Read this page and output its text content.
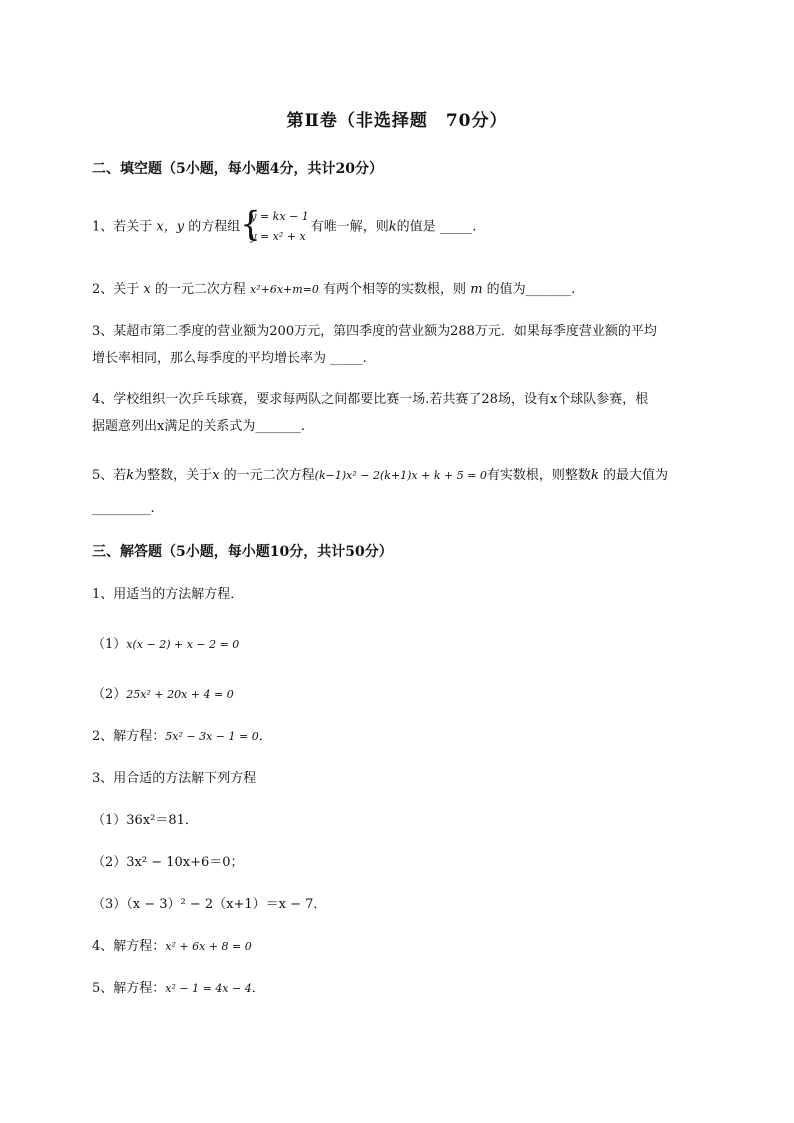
第Ⅱ卷（非选择题　70分）
二、填空题（5小题，每小题4分，共计20分）
1、若关于 x，y 的方程组 {
y = kx − 1
y = x² + x
有唯一解，则k的值是 _____.
2、关于 x 的一元二次方程 x²+6x+m=0 有两个相等的实数根，则 m 的值为_______.
3、某超市第二季度的营业额为200万元，第四季度的营业额为288万元．如果每季度营业额的平均
增长率相同，那么每季度的平均增长率为 _____.
4、学校组织一次乒乓球赛，要求每两队之间都要比赛一场.若共赛了28场，设有x个球队参赛，根
据题意列出x满足的关系式为_______.
5、若k为整数，关于x 的一元二次方程(k−1)x² − 2(k+1)x + k + 5 = 0有实数根，则整数k 的最大值为
_________.
三、解答题（5小题，每小题10分，共计50分）
1、用适当的方法解方程．
（1）x(x − 2) + x − 2 = 0
（2）25x² + 20x + 4 = 0
2、解方程：5x² − 3x − 1 = 0．
3、用合适的方法解下列方程
（1）36x²＝81．
（2）3x² − 10x+6＝0；
（3）（x − 3）² − 2（x+1）＝x − 7．
4、解方程：x² + 6x + 8 = 0
5、解方程：x² − 1 = 4x − 4．
